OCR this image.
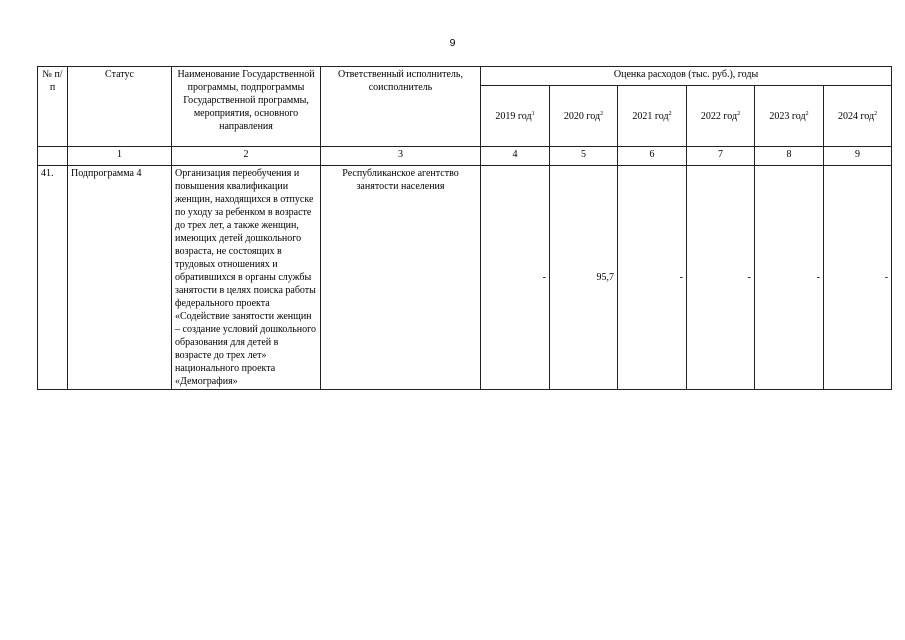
9
№ п/п	Статус	Наименование Государственной программы, подпрограммы Государственной программы, мероприятия, основного направления	Ответственный исполнитель, соисполнитель	Оценка расходов (тыс. руб.), годы					
				2019 год$^1$	2020 год$^2$	2021 год$^2$	2022 год$^2$	2023 год$^2$	2024 год$^2$
	1	2	3	4	5	6	7	8	9
41.	Подпрограмма 4	Организация переобучения и повышения квалификации женщин, находящихся в отпуске по уходу за ребенком в возрасте до трех лет, а также женщин, имеющих детей дошкольного возраста, не состоящих в трудовых отношениях и обратившихся в органы службы занятости в целях поиска работы федерального проекта «Содействие занятости женщин – создание условий дошкольного образования для детей в возрасте до трех лет» национального проекта «Демография»	Республиканское агентство занятости населения	-	95,7	-	-	-	-
